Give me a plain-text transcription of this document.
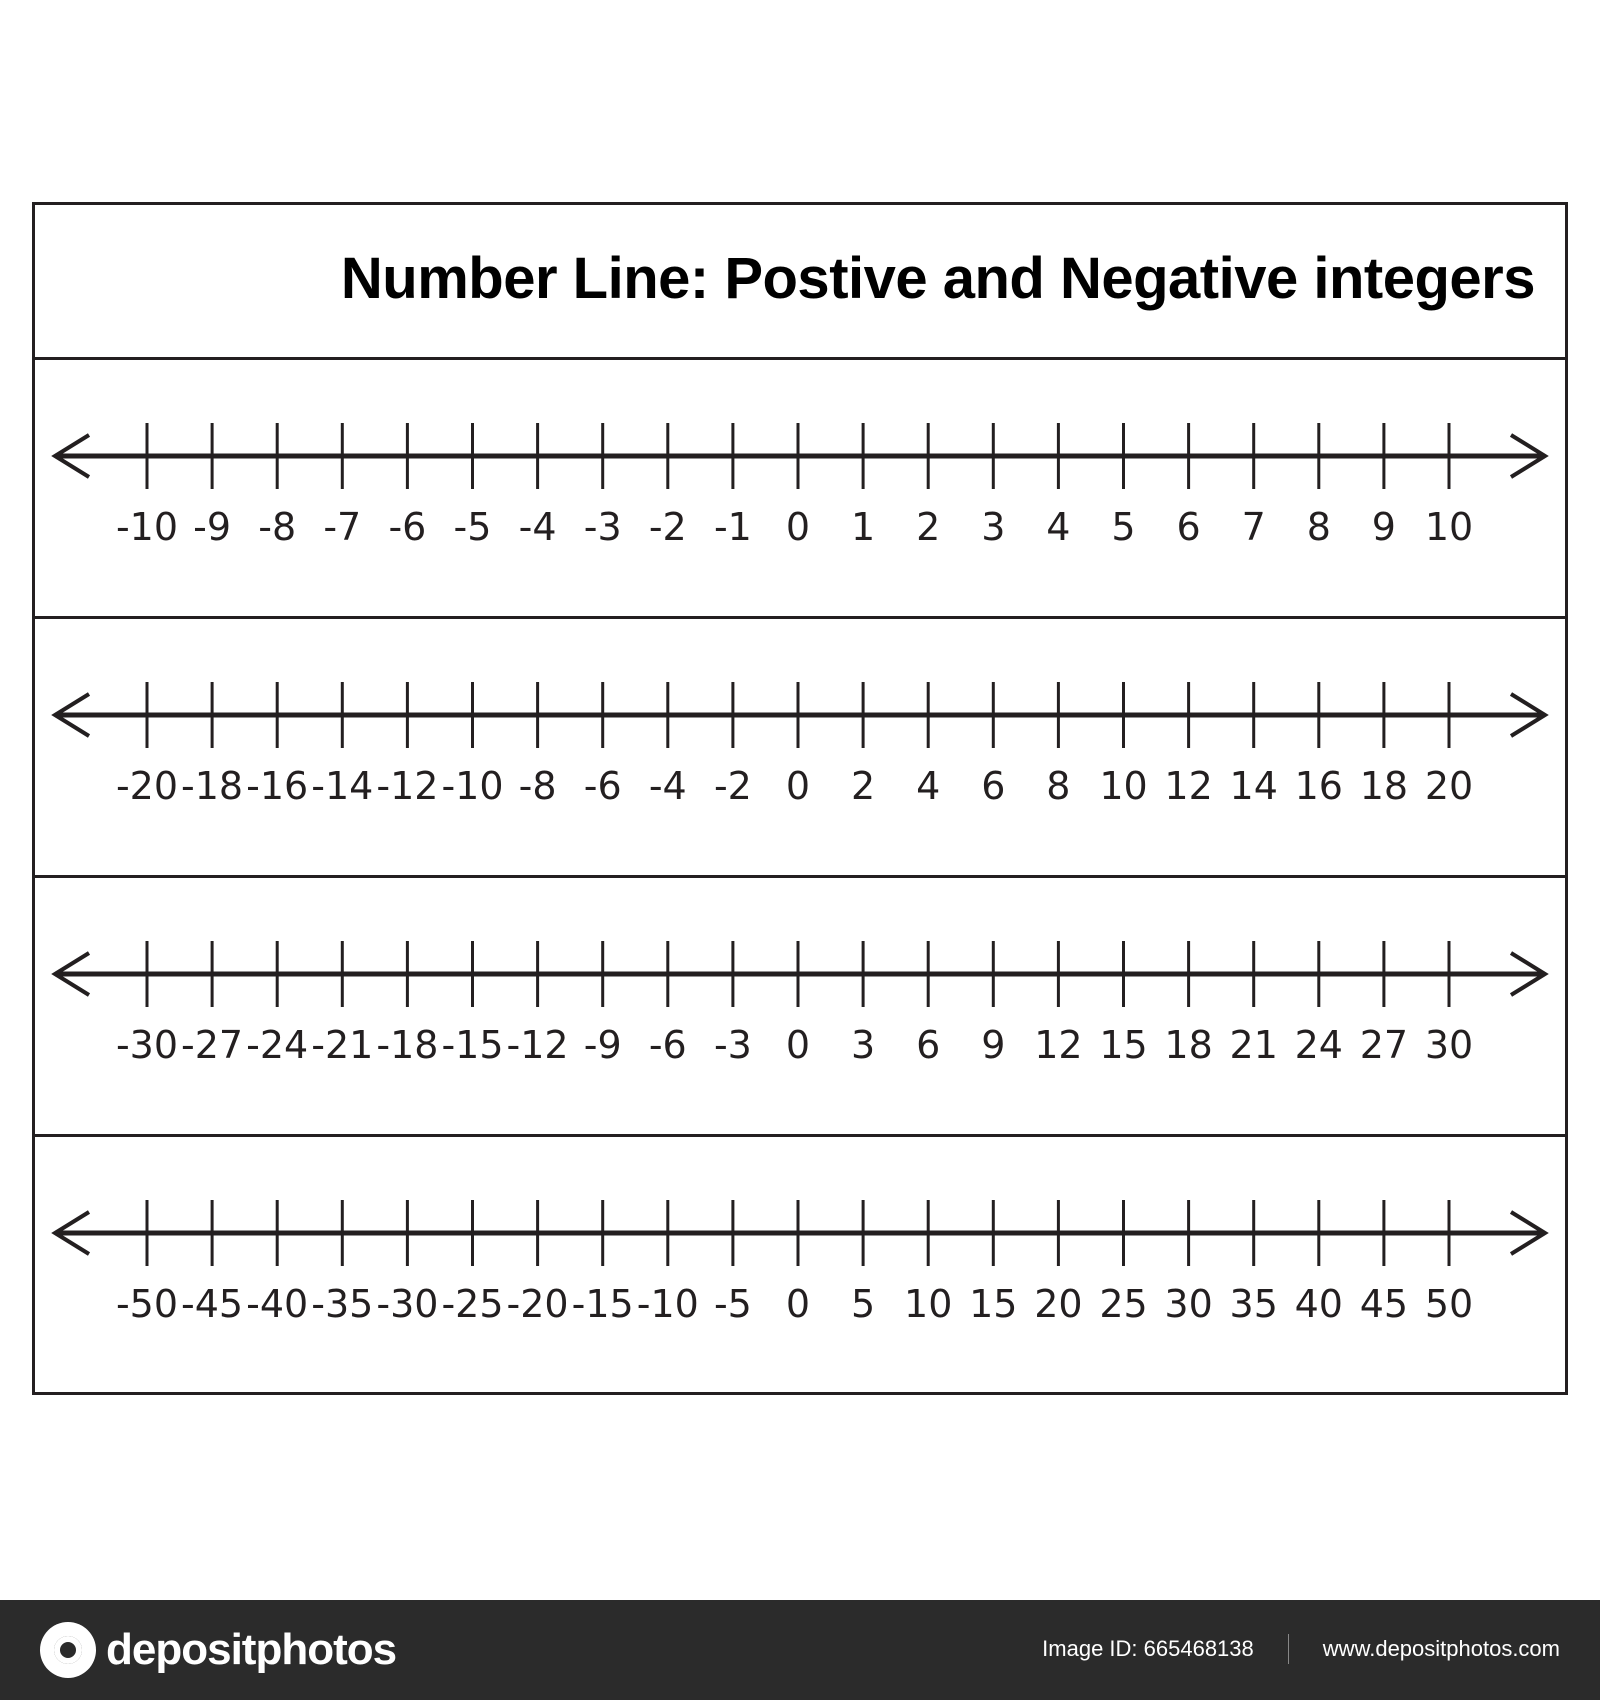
Number Line: Postive and Negative integers
-10 -9 -8 -7 -6 -5 -4 -3 -2 -1 0 1 2 3 4 5 6 7 8 9 10
-20 -18 -16 -14 -12 -10 -8 -6 -4 -2 0 2 4 6 8 10 12 14 16 18 20
-30 -27 -24 -21 -18 -15 -12 -9 -6 -3 0 3 6 9 12 15 18 21 24 27 30
-50 -45 -40 -35 -30 -25 -20 -15 -10 -5 0 5 10 15 20 25 30 35 40 45 50
depositphotos	Image ID: 665468138	www.depositphotos.com
